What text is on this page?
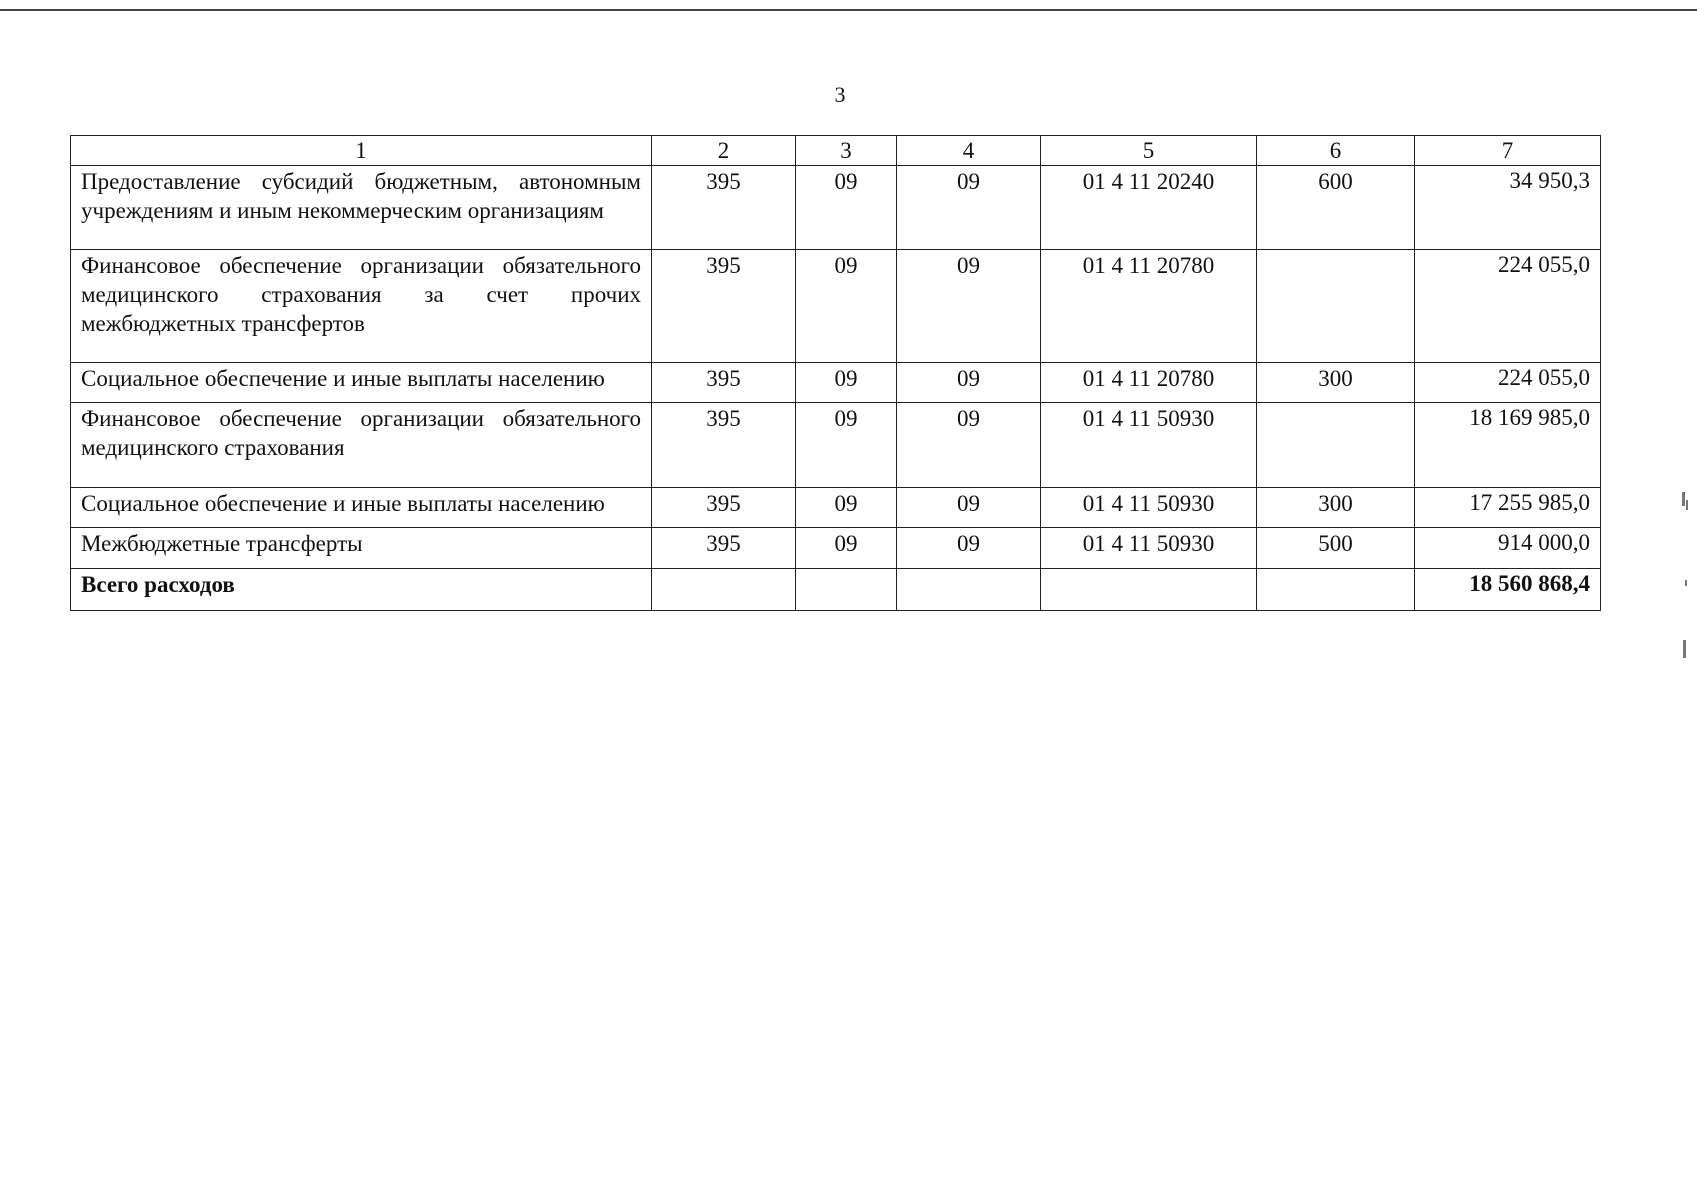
3
1	2	3	4	5	6	7
Предоставление субсидий бюджетным, автономным учреждениям и иным некоммерческим организациям	395	09	09	01 4 11 20240	600	34 950,3
Финансовое обеспечение организации обязательного медицинского страхования за счет прочих межбюджетных трансфертов	395	09	09	01 4 11 20780		224 055,0
Социальное обеспечение и иные выплаты населению	395	09	09	01 4 11 20780	300	224 055,0
Финансовое обеспечение организации обязательного медицинского страхования	395	09	09	01 4 11 50930		18 169 985,0
Социальное обеспечение и иные выплаты населению	395	09	09	01 4 11 50930	300	17 255 985,0
Межбюджетные трансферты	395	09	09	01 4 11 50930	500	914 000,0
Всего расходов						18 560 868,4
